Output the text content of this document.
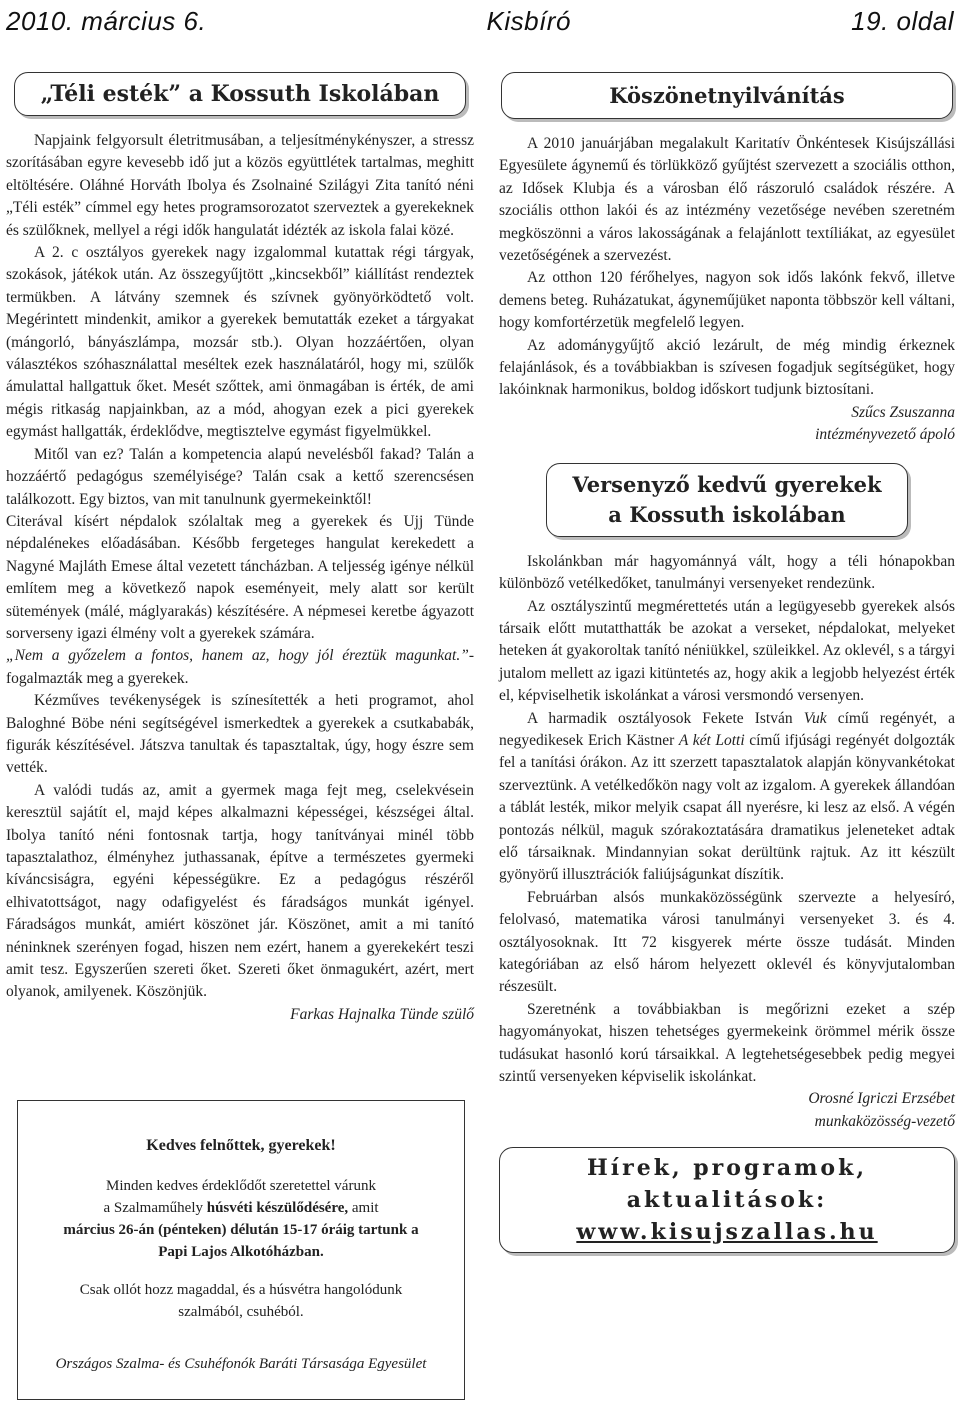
2010. március 6.	Kisbíró	19. oldal
„Téli esték” a Kossuth Iskolában

Napjaink felgyorsult életritmusában, a teljesítménykényszer, a stressz szorításában egyre kevesebb idő jut a közös együttlétek tartalmas, meghitt eltöltésére. Oláhné Horváth Ibolya és Zsolnainé Szilágyi Zita tanító néni „Téli esték” címmel egy hetes programsorozatot szerveztek a gyerekeknek és szülőknek, mellyel a régi idők hangulatát idézték az iskola falai közé.

A 2. c osztályos gyerekek nagy izgalommal kutattak régi tárgyak, szokások, játékok után. Az összegyűjtött „kincsekből” kiállítást rendeztek termükben. A látvány szemnek és szívnek gyönyörködtető volt. Megérintett mindenkit, amikor a gyerekek bemutatták ezeket a tárgyakat (mángorló, bányászlámpa, mozsár stb.). Olyan hozzáértően, olyan választékos szóhasználattal meséltek ezek használatáról, hogy mi, szülők ámulattal hallgattuk őket. Mesét szőttek, ami önmagában is érték, de ami mégis ritkaság napjainkban, az a mód, ahogyan ezek a pici gyerekek egymást hallgatták, érdeklődve, megtisztelve egymást figyelmükkel.

Mitől van ez? Talán a kompetencia alapú nevelésből fakad? Talán a hozzáértő pedagógus személyisége? Talán csak a kettő szerencsésen találkozott. Egy biztos, van mit tanulnunk gyermekeinktől!

Citerával kísért népdalok szólaltak meg a gyerekek és Ujj Tünde népdalénekes előadásában. Később fergeteges hangulat kerekedett a Nagyné Majláth Emese által vezetett táncházban. A teljesség igénye nélkül említem meg a következő napok eseményeit, mely alatt sor került sütemények (málé, máglyarakás) készítésére. A népmesei keretbe ágyazott sorverseny igazi élmény volt a gyerekek számára.

„Nem a győzelem a fontos, hanem az, hogy jól éreztük magunkat.”- fogalmazták meg a gyerekek.

Kézműves tevékenységek is színesítették a heti programot, ahol Baloghné Böbe néni segítségével ismerkedtek a gyerekek a csutkababák, figurák készítésével. Játszva tanultak és tapasztaltak, úgy, hogy észre sem vették.

A valódi tudás az, amit a gyermek maga fejt meg, cselekvésein keresztül sajátít el, majd képes alkalmazni képességei, készségei által. Ibolya tanító néni fontosnak tartja, hogy tanítványai minél több tapasztalathoz, élményhez juthassanak, építve a természetes gyermeki kíváncsiságra, egyéni képességükre. Ez a pedagógus részéről elhivatottságot, nagy odafigyelést és fáradságos munkát igényel. Fáradságos munkát, amiért köszönet jár. Köszönet, amit a mi tanító néninknek szerényen fogad, hiszen nem ezért, hanem a gyerekekért teszi amit tesz. Egyszerűen szereti őket. Szereti őket önmagukért, azért, mert olyanok, amilyenek. Köszönjük.

Farkas Hajnalka Tünde szülő
Kedves felnőttek, gyerekek!
Minden kedves érdeklődőt szeretettel várunk
a Szalmaműhely húsvéti készülődésére, amit
március 26-án (pénteken) délután 15-17 óráig tartunk a
Papi Lajos Alkotóházban.
Csak ollót hozz magaddal, és a húsvétra hangolódunk
szalmából, csuhéból.
Országos Szalma- és Csuhéfonók Baráti Társasága Egyesület
Köszönetnyilvánítás

A 2010 januárjában megalakult Karitatív Önkéntesek Kisújszállási Egyesülete ágynemű és törlükköző gyűjtést szervezett a szociális otthon, az Idősek Klubja és a városban élő rászoruló családok részére. A szociális otthon lakói és az intézmény vezetősége nevében szeretném megköszönni a város lakosságának a felajánlott textíliákat, az egyesület vezetőségének a szervezést.

Az otthon 120 férőhelyes, nagyon sok idős lakónk fekvő, illetve demens beteg. Ruházatukat, ágyneműjüket naponta többször kell váltani, hogy komfortérzetük megfelelő legyen.

Az adománygyűjtő akció lezárult, de még mindig érkeznek felajánlások, és a továbbiakban is szívesen fogadjuk segítségüket, hogy lakóinknak harmonikus, boldog időskort tudjunk biztosítani.

Szűcs Zsuszanna
intézményvezető ápoló
Versenyző kedvű gyerekek
a Kossuth iskolában

Iskolánkban már hagyománnyá vált, hogy a téli hónapokban különböző vetélkedőket, tanulmányi versenyeket rendezünk.

Az osztályszintű megmérettetés után a legügyesebb gyerekek alsós társaik előtt mutatthatták be azokat a verseket, népdalokat, melyeket heteken át gyakoroltak tanító néniükkel, szüleikkel. Az oklevél, s a tárgyi jutalom mellett az igazi kitüntetés az, hogy akik a legjobb helyezést érték el, képviselhetik iskolánkat a városi versmondó versenyen.

A harmadik osztályosok Fekete István Vuk című regényét, a negyedikesek Erich Kästner A két Lotti című ifjúsági regényét dolgozták fel a tanítási órákon. Az itt szerzett tapasztalatok alapján könyvankétokat szerveztünk. A vetélkedőkön nagy volt az izgalom. A gyerekek állandóan a táblát lesték, mikor melyik csapat áll nyerésre, ki lesz az első. A végén pontozás nélkül, maguk szórakoztatására dramatikus jeleneteket adtak elő társaiknak. Mindannyian sokat derültünk rajtuk. Az itt készült gyönyörű illusztrációk faliújságunkat díszítik.

Februárban alsós munkaközösségünk szervezte a helyesíró, felolvasó, matematika városi tanulmányi versenyeket 3. és 4. osztályosoknak. Itt 72 kisgyerek mérte össze tudását. Minden kategóriában az első három helyezett oklevél és könyvjutalomban részesült.

Szeretnénk a továbbiakban is megőrizni ezeket a szép hagyományokat, hiszen tehetséges gyermekeink örömmel mérik össze tudásukat hasonló korú társaikkal. A legtehetségesebbek pedig megyei szintű versenyeken képviselik iskolánkat.

Orosné Igriczi Erzsébet
munkaközösség-vezető
Hírek, programok, aktualitások:
www.kisujszallas.hu
